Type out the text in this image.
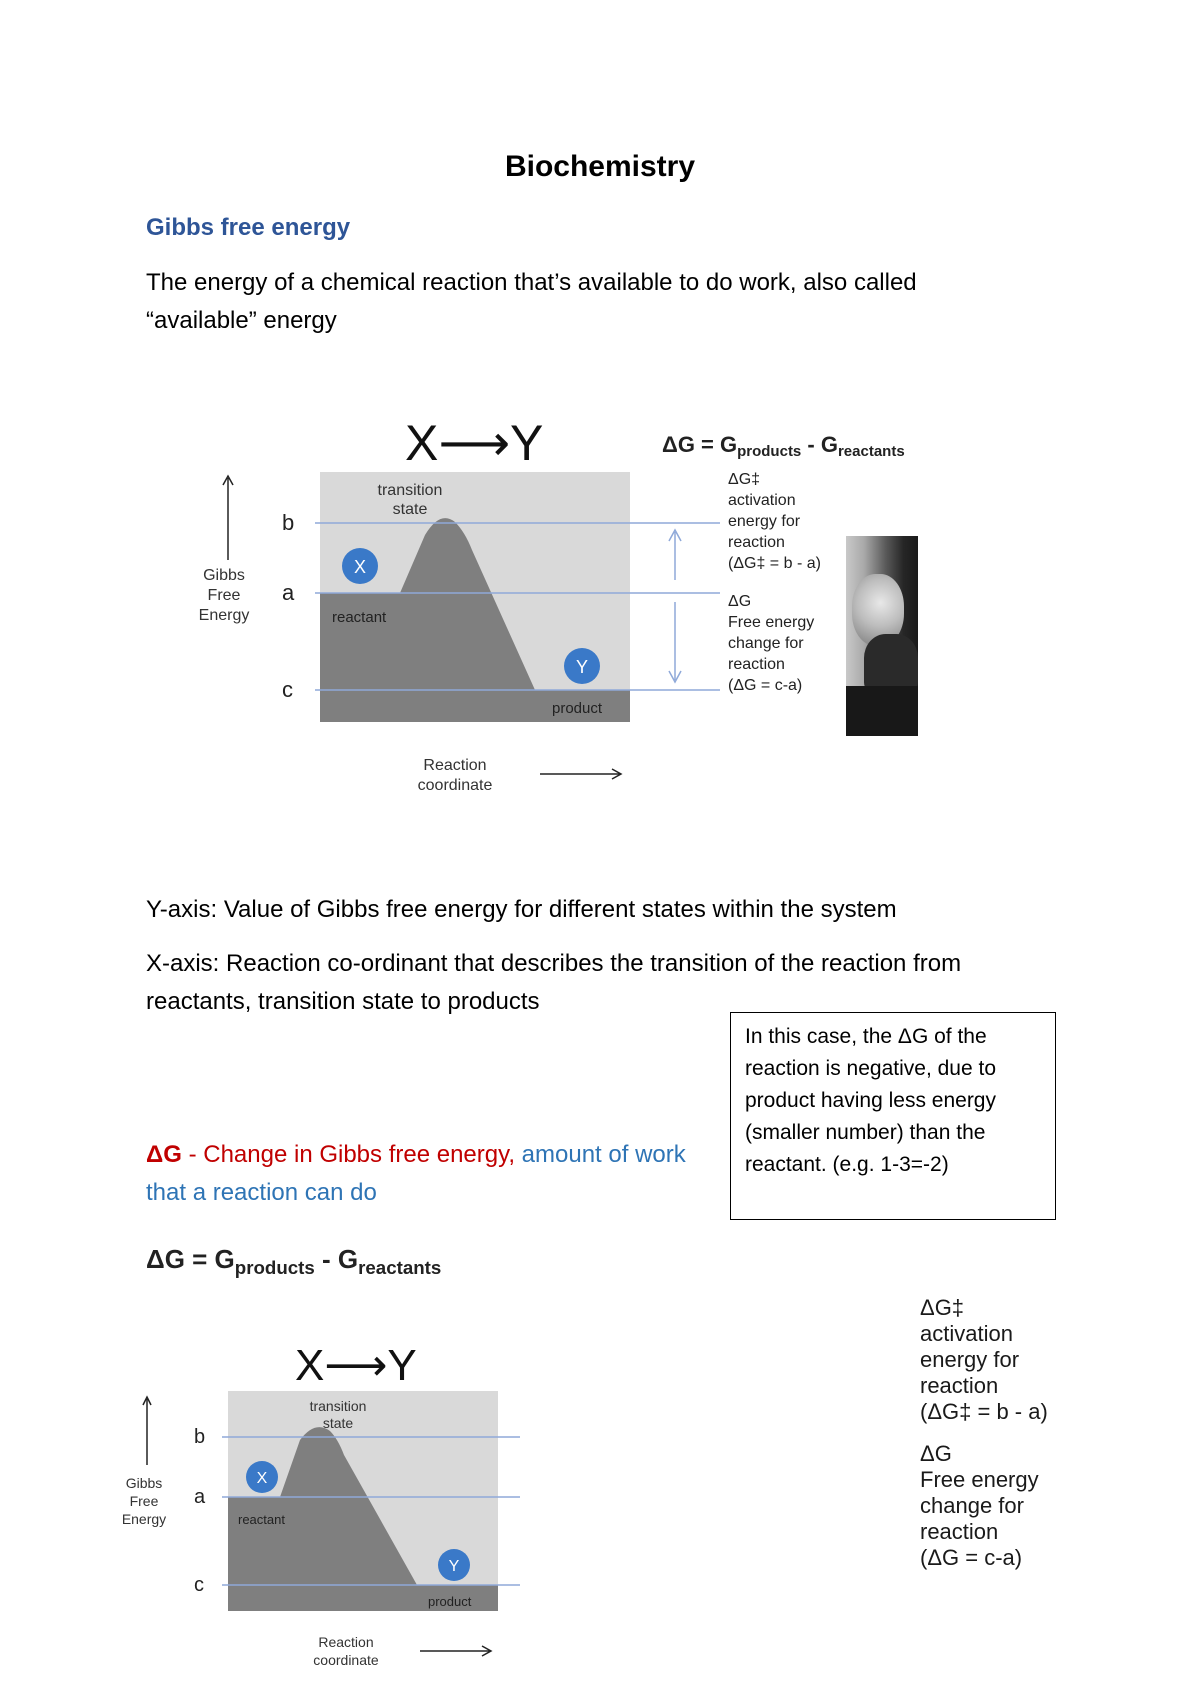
Biochemistry
Gibbs free energy
The energy of a chemical reaction that’s available to do work, also called
“available” energy
X⟶Y
transition
state
b
a
c
X
Y
reactant
product
Gibbs
Free
Energy
Reaction
coordinate
ΔG = Gproducts - Greactants
ΔG‡
activation
energy for
reaction
(ΔG‡ = b - a)
ΔG
Free energy
change for
reaction
(ΔG = c-a)
Y-axis: Value of Gibbs free energy for different states within the system
X-axis: Reaction co-ordinant that describes the transition of the reaction from
reactants, transition state to products
In this case, the ΔG of the reaction is negative, due to product having less energy (smaller number) than the reactant. (e.g. 1-3=-2)
ΔG - Change in Gibbs free energy, amount of work that a reaction can do
$\Delta G = G_{products} - G_{reactants}$
X⟶Y
transition
state
b
a
c
X
Y
reactant
product
Gibbs
Free
Energy
Reaction
coordinate
ΔG‡
activation
energy for
reaction
(ΔG‡ = b - a)
ΔG
Free energy
change for
reaction
(ΔG = c-a)
